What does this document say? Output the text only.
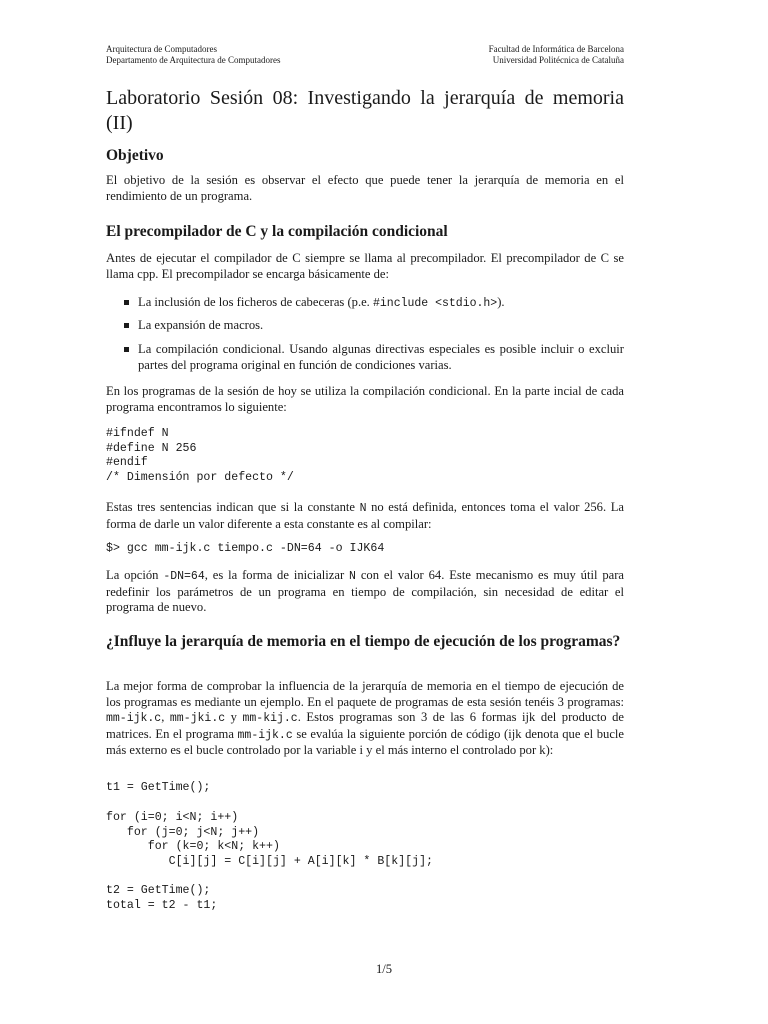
Arquitectura de Computadores
Departamento de Arquitectura de Computadores
Facultad de Informática de Barcelona
Universidad Politécnica de Cataluña
Laboratorio Sesión 08: Investigando la jerarquía de memoria (II)
Objetivo

El objetivo de la sesión es observar el efecto que puede tener la jerarquía de memoria en el rendimiento de un programa.

El precompilador de C y la compilación condicional

Antes de ejecutar el compilador de C siempre se llama al precompilador. El precompilador de C se llama cpp. El precompilador se encarga básicamente de:

La inclusión de los ficheros de cabeceras (p.e. #include <stdio.h>).
La expansión de macros.
La compilación condicional. Usando algunas directivas especiales es posible incluir o excluir partes del programa original en función de condiciones varias.

En los programas de la sesión de hoy se utiliza la compilación condicional. En la parte incial de cada programa encontramos lo siguiente:

#ifndef N
#define N 256
#endif
/* Dimensión por defecto */

Estas tres sentencias indican que si la constante N no está definida, entonces toma el valor 256. La forma de darle un valor diferente a esta constante es al compilar:

$> gcc mm-ijk.c tiempo.c -DN=64 -o IJK64

La opción -DN=64, es la forma de inicializar N con el valor 64. Este mecanismo es muy útil para redefinir los parámetros de un programa en tiempo de compilación, sin necesidad de editar el programa de nuevo.

¿Influye la jerarquía de memoria en el tiempo de ejecución de los programas?

La mejor forma de comprobar la influencia de la jerarquía de memoria en el tiempo de ejecución de los programas es mediante un ejemplo. En el paquete de programas de esta sesión tenéis 3 programas: mm-ijk.c, mm-jki.c y mm-kij.c. Estos programas son 3 de las 6 formas ijk del producto de matrices. En el programa mm-ijk.c se evalúa la siguiente porción de código (ijk denota que el bucle más externo es el bucle controlado por la variable i y el más interno el controlado por k):

t1 = GetTime();
for (i=0; i<N; i++)
for (j=0; j<N; j++)
for (k=0; k<N; k++)
C[i][j] = C[i][j] + A[i][k] * B[k][j];
t2 = GetTime();
total = t2 - t1;
1/5
